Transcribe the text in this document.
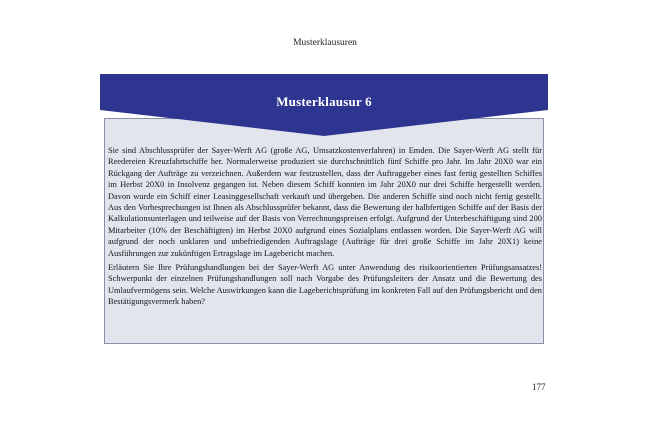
Musterklausuren
Musterklausur 6

Sie sind Abschlussprüfer der Sayer-Werft AG (große AG, Umsatzkostenverfahren) in Emden. Die Sayer-Werft AG stellt für Reedereien Kreuzfahrtschiffe her. Normalerweise produziert sie durchschnittlich fünf Schiffe pro Jahr. Im Jahr 20X0 war ein Rückgang der Aufträge zu verzeichnen. Außerdem war festzustellen, dass der Auftraggeber eines fast fertig gestellten Schiffes im Herbst 20X0 in Insolvenz gegangen ist. Neben diesem Schiff konnten im Jahr 20X0 nur drei Schiffe hergestellt werden. Davon wurde ein Schiff einer Leasinggesellschaft verkauft und übergeben. Die anderen Schiffe sind noch nicht fertig gestellt. Aus den Vorbesprechungen ist Ihnen als Abschlussprüfer bekannt, dass die Bewertung der halbfertigen Schiffe auf der Basis der Kalkulationsunterlagen und teilweise auf der Basis von Verrechnungspreisen erfolgt. Aufgrund der Unterbeschäftigung sind 200 Mitarbeiter (10% der Beschäftigten) im Herbst 20X0 aufgrund eines Sozialplans entlassen worden. Die Sayer-Werft AG will aufgrund der noch unklaren und unbefriedigenden Auftragslage (Aufträge für drei große Schiffe im Jahr 20X1) keine Ausführungen zur zukünftigen Ertragslage im Lagebericht machen.

Erläutern Sie Ihre Prüfungshandlungen bei der Sayer-Werft AG unter Anwendung des risikoorientierten Prüfungsansatzes! Schwerpunkt der einzelnen Prüfungshandlungen soll nach Vorgabe des Prüfungsleiters der Ansatz und die Bewertung des Umlaufvermögens sein. Welche Auswirkungen kann die Lageberichtsprüfung im konkreten Fall auf den Prüfungsbericht und den Bestätigungsvermerk haben?

177
